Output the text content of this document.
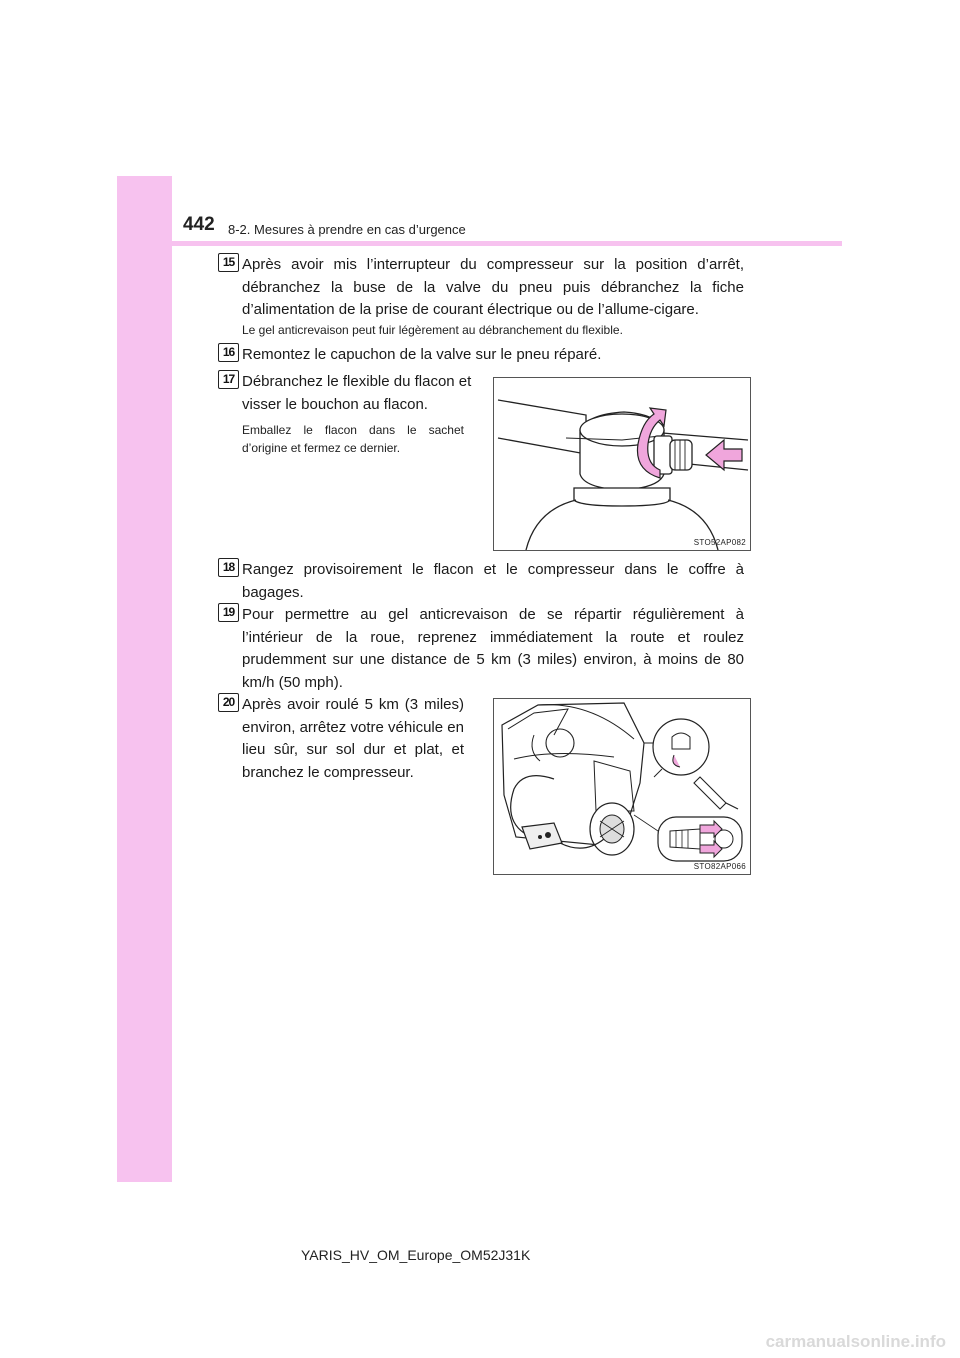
442 8-2. Mesures à prendre en cas d’urgence
15 Après avoir mis l’interrupteur du compresseur sur la position d’arrêt, débranchez la buse de la valve du pneu puis débranchez la fiche d’alimentation de la prise de courant électrique ou de l’allume-cigare.
Le gel anticrevaison peut fuir légèrement au débranchement du flexible.
16 Remontez le capuchon de la valve sur le pneu réparé.
17 Débranchez le flexible du flacon et visser le bouchon au flacon.
Emballez le flacon dans le sachet d’origine et fermez ce dernier.
STO52AP082
18 Rangez provisoirement le flacon et le compresseur dans le coffre à bagages.
19 Pour permettre au gel anticrevaison de se répartir régulièrement à l’intérieur de la roue, reprenez immédiatement la route et roulez prudemment sur une distance de 5 km (3 miles) environ, à moins de 80 km/h (50 mph).
20 Après avoir roulé 5 km (3 miles) environ, arrêtez votre véhicule en lieu sûr, sur sol dur et plat, et branchez le compresseur.
STO82AP066
YARIS_HV_OM_Europe_OM52J31K
carmanualsonline.info
